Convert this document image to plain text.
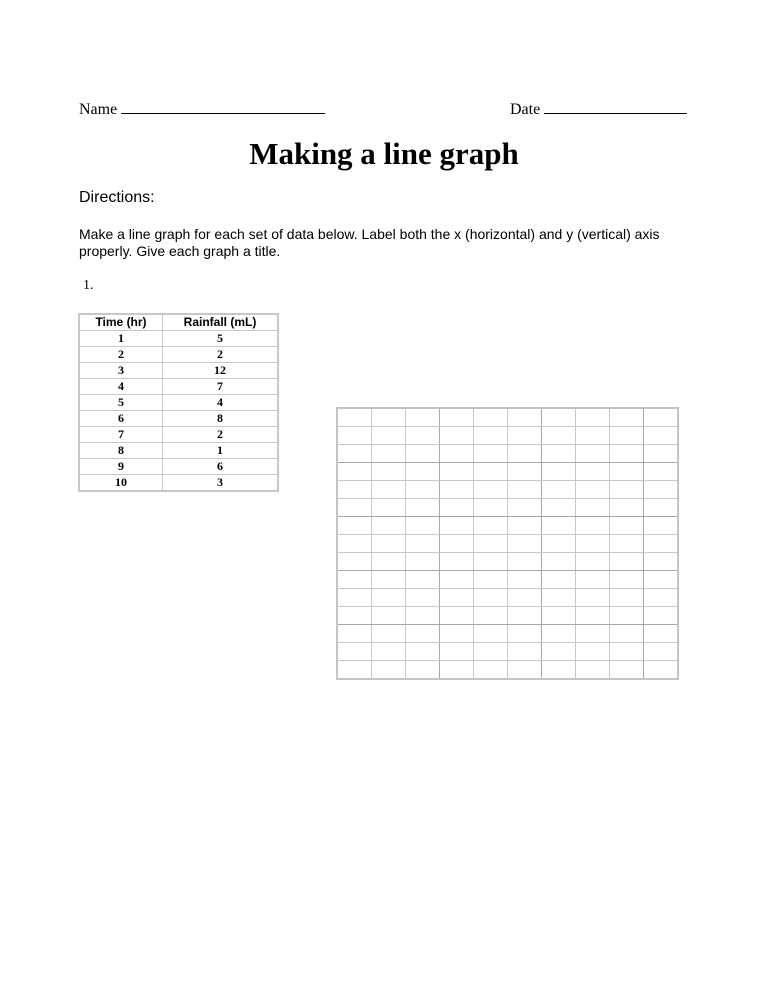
Name	Date
Making a line graph
Directions:
Make a line graph for each set of data below. Label both the x (horizontal) and y (vertical) axis properly. Give each graph a title.
1.
Time (hr)	Rainfall (mL)
1	5
2	2
3	12
4	7
5	4
6	8
7	2
8	1
9	6
10	3
